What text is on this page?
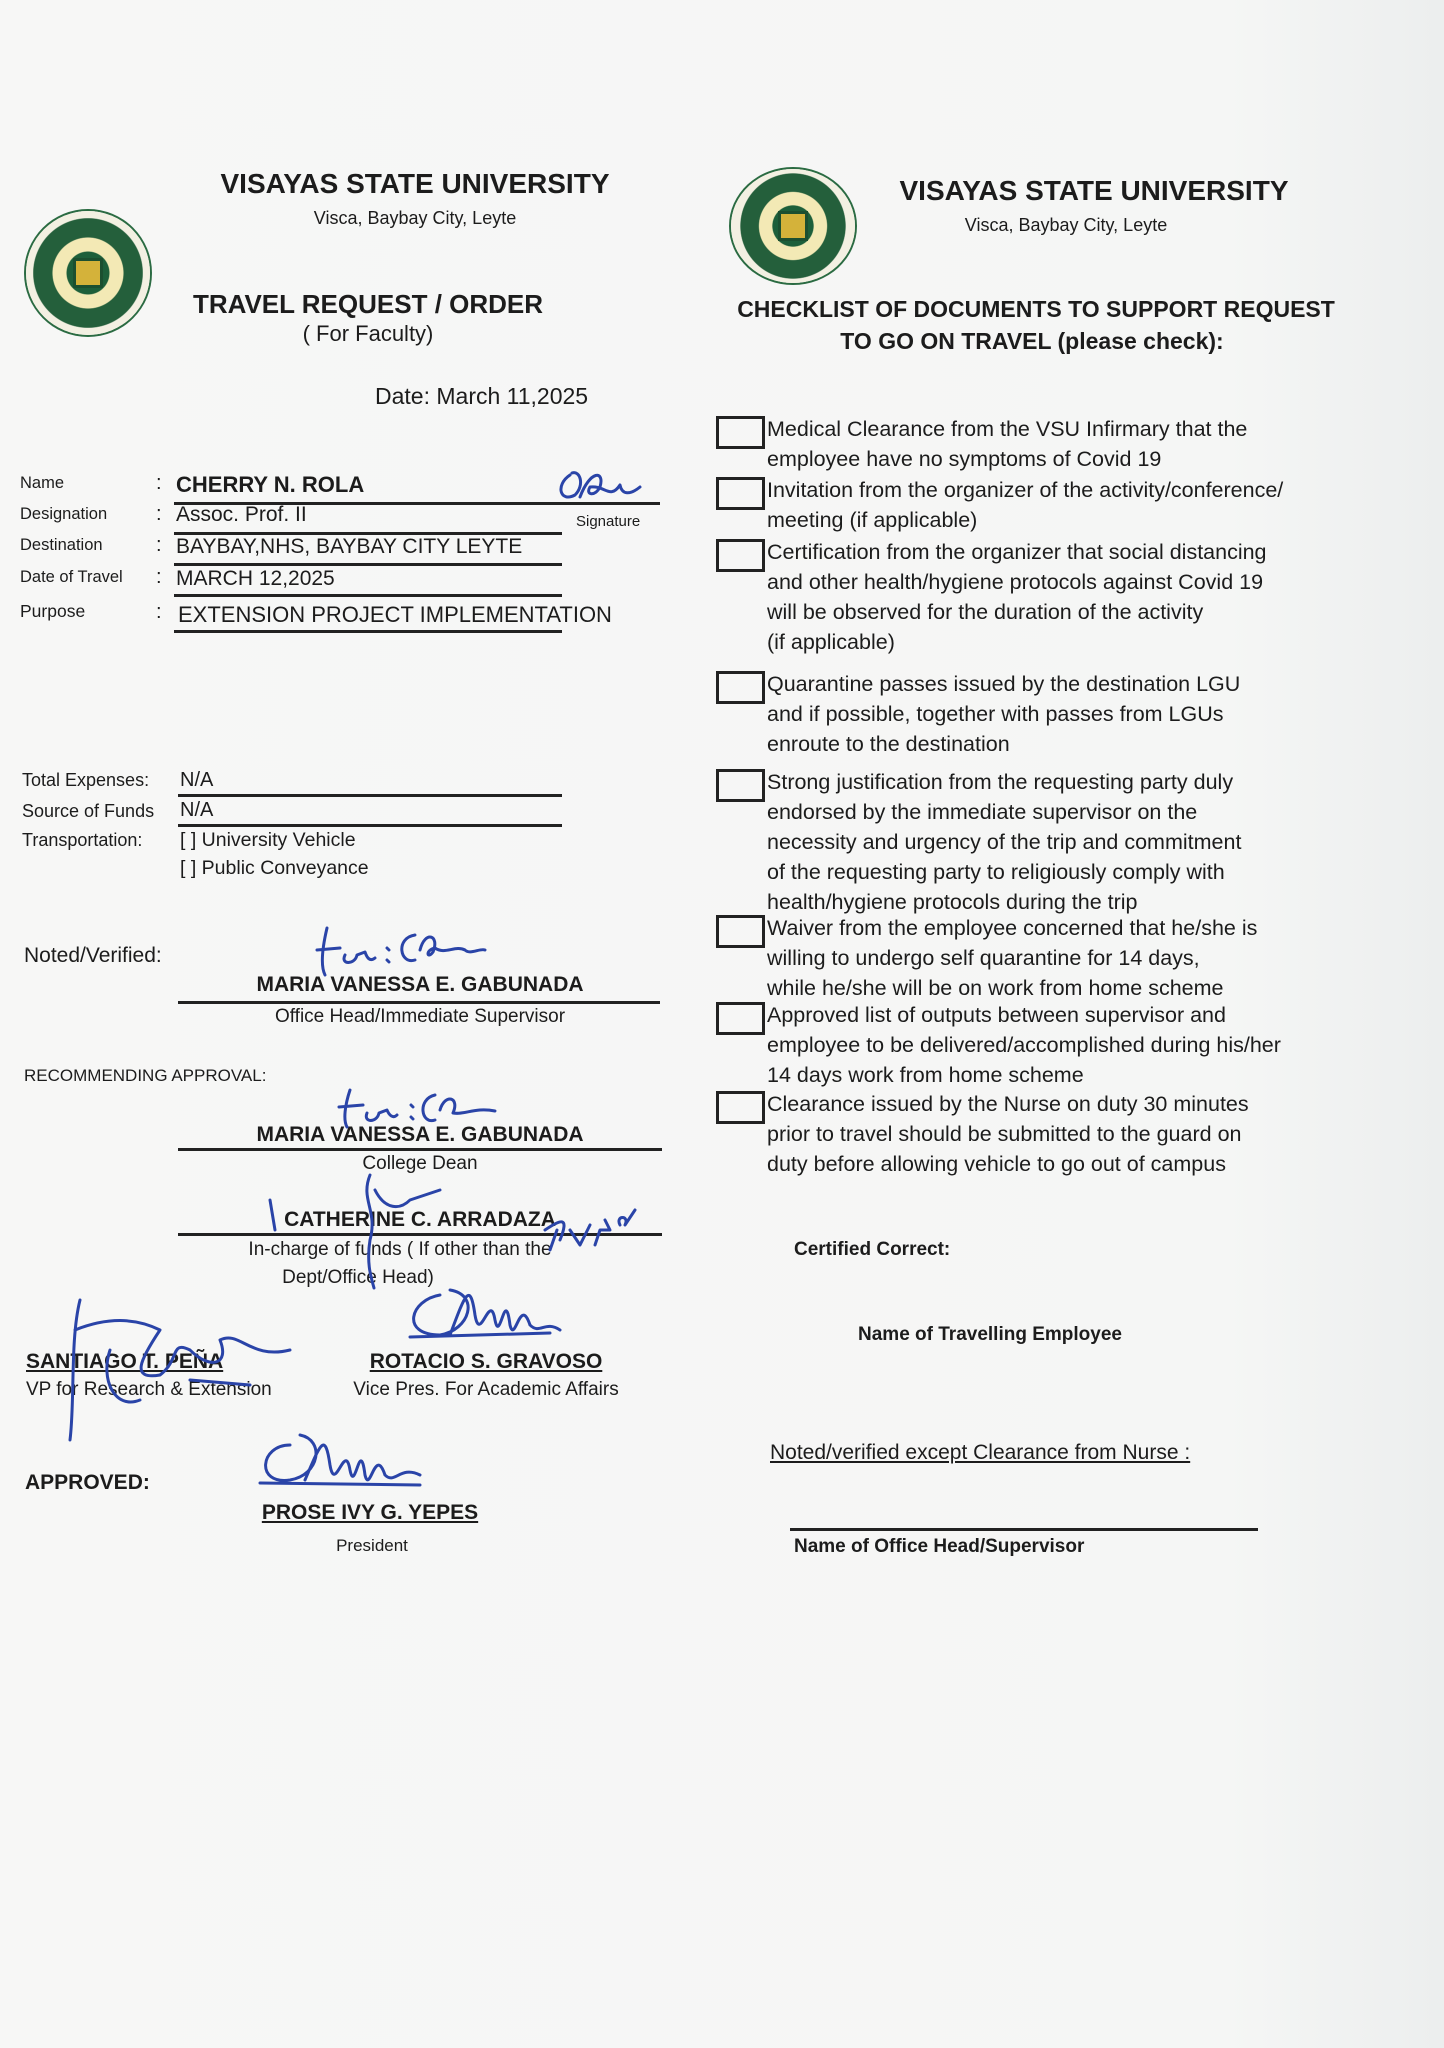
VISAYAS STATE UNIVERSITY
Visca, Baybay City, Leyte
TRAVEL REQUEST / ORDER
( For Faculty)
Date: March 11,2025
Name	: CHERRY N. ROLA
Signature
Designation : Assoc. Prof. II
Destination	: BAYBAY,NHS, BAYBAY CITY LEYTE
Date of Travel : MARCH 12,2025
Purpose	: EXTENSION PROJECT IMPLEMENTATION
Total Expenses: N/A
Source of Funds N/A
Transportation: [ ] University Vehicle
[ ] Public Conveyance
Noted/Verified:
MARIA VANESSA E. GABUNADA
Office Head/Immediate Supervisor
RECOMMENDING APPROVAL:
MARIA VANESSA E. GABUNADA
College Dean
CATHERINE C. ARRADAZA
In-charge of funds ( If other than the
Dept/Office Head)
SANTIAGO T. PEÑA
VP for Research & Extension
ROTACIO S. GRAVOSO
Vice Pres. For Academic Affairs
APPROVED:
PROSE IVY G. YEPES
President
VISAYAS STATE UNIVERSITY
Visca, Baybay City, Leyte
CHECKLIST OF DOCUMENTS TO SUPPORT REQUEST
TO GO ON TRAVEL (please check):
Medical Clearance from the VSU Infirmary that the
employee have no symptoms of Covid 19
Invitation from the organizer of the activity/conference/
meeting (if applicable)
Certification from the organizer that social distancing
and other health/hygiene protocols against Covid 19
will be observed for the duration of the activity
(if applicable)
Quarantine passes issued by the destination LGU
and if possible, together with passes from LGUs
enroute to the destination
Strong justification from the requesting party duly
endorsed by the immediate supervisor on the
necessity and urgency of the trip and commitment
of the requesting party to religiously comply with
health/hygiene protocols during the trip
Waiver from the employee concerned that he/she is
willing to undergo self quarantine for 14 days,
while he/she will be on work from home scheme
Approved list of outputs between supervisor and
employee to be delivered/accomplished during his/her
14 days work from home scheme
Clearance issued by the Nurse on duty 30 minutes
prior to travel should be submitted to the guard on
duty before allowing vehicle to go out of campus
Certified Correct:
Name of Travelling Employee
Noted/verified except Clearance from Nurse :
Name of Office Head/Supervisor
